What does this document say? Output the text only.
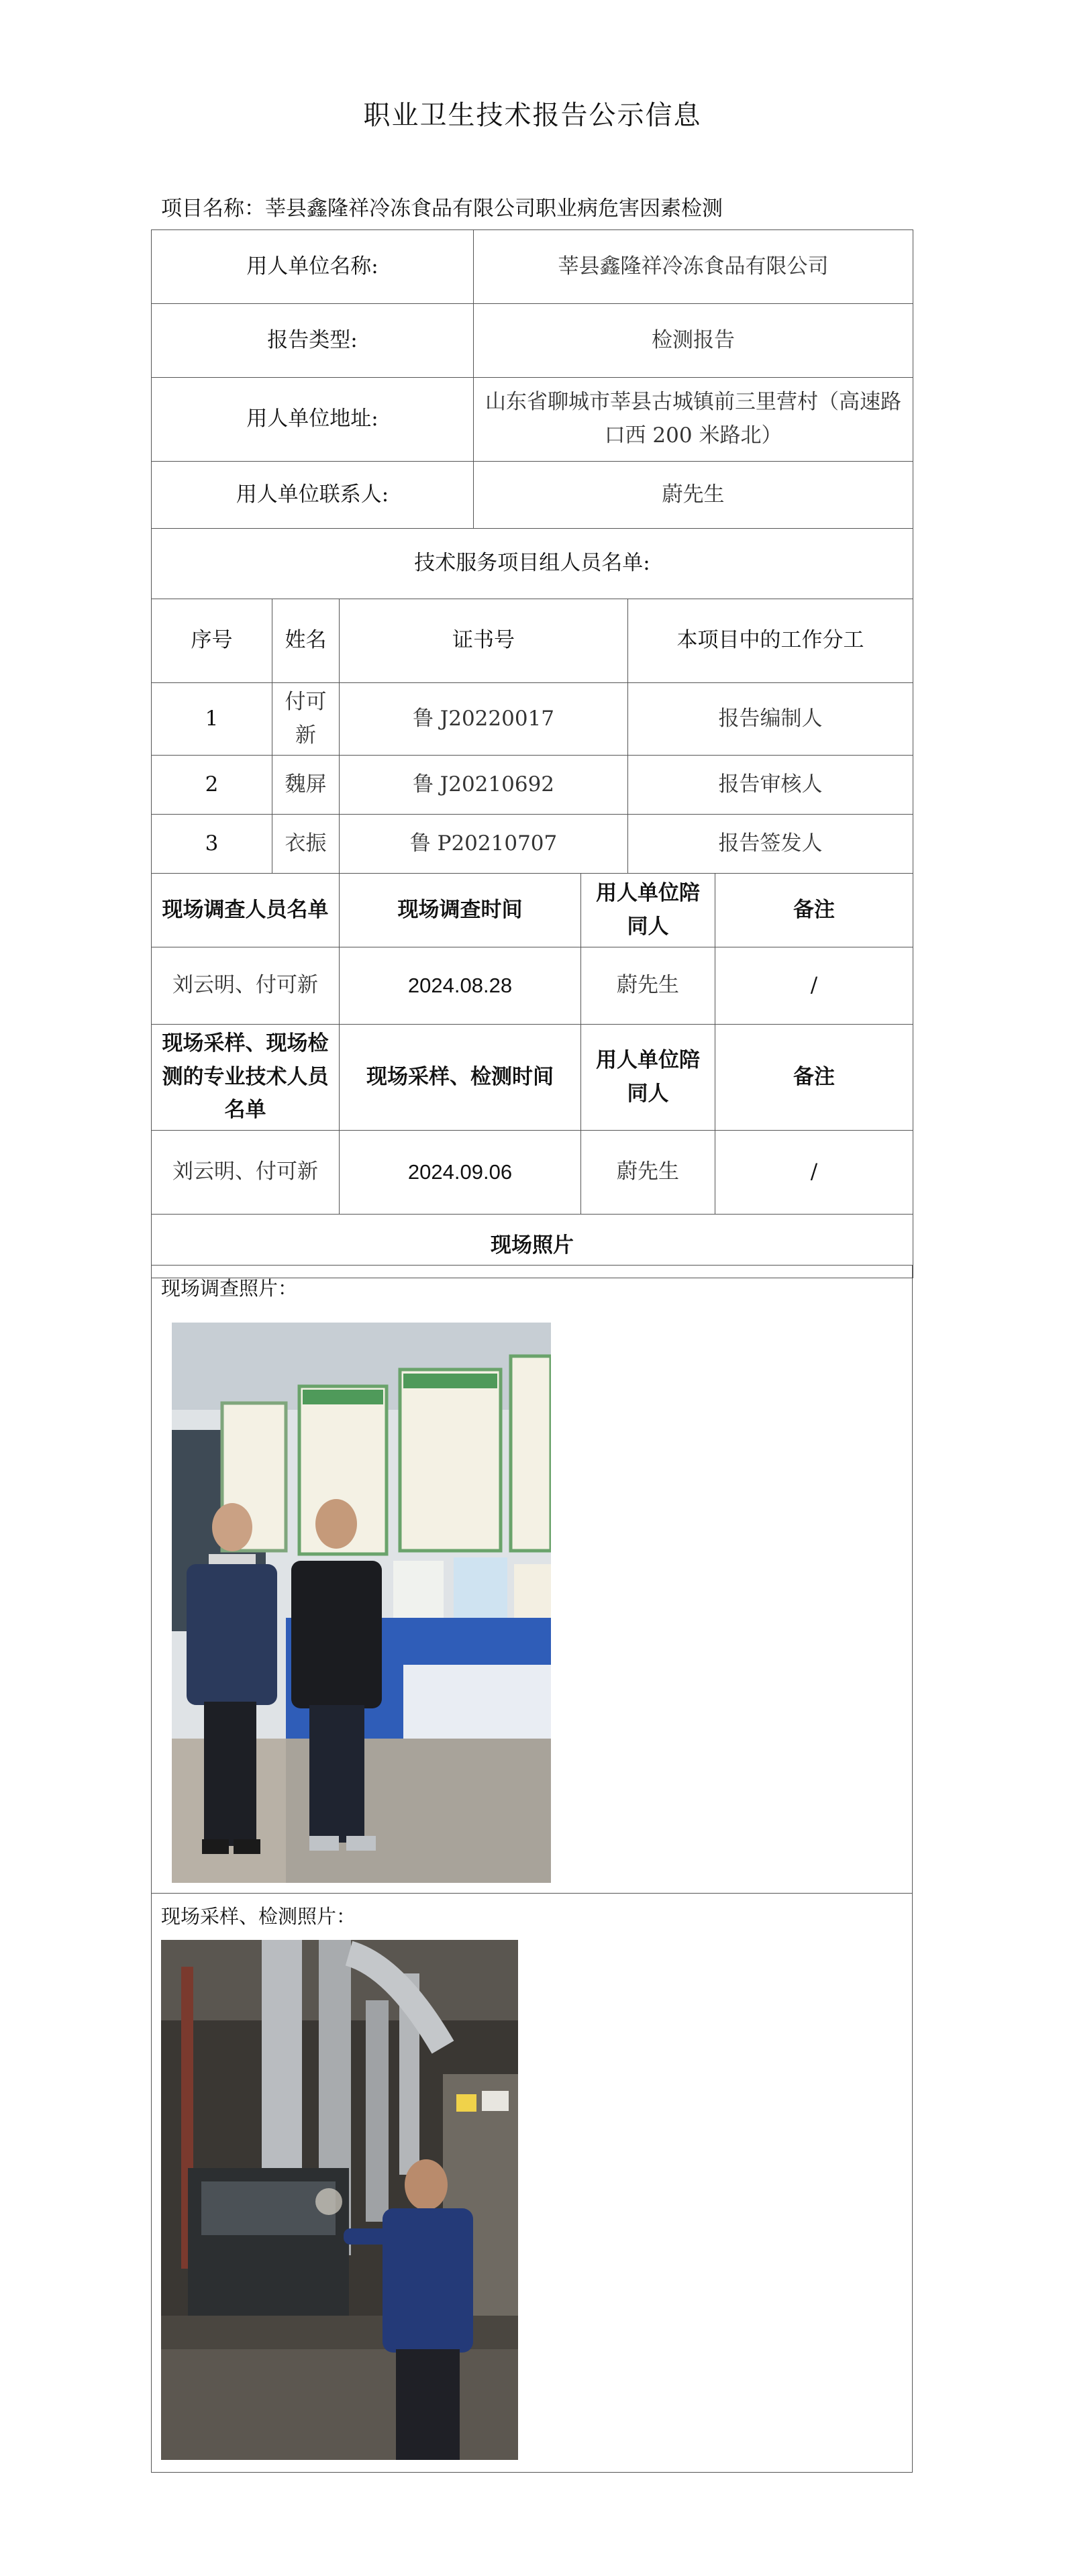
职业卫生技术报告公示信息
项目名称：莘县鑫隆祥冷冻食品有限公司职业病危害因素检测
用人单位名称:			莘县鑫隆祥冷冻食品有限公司			
报告类型:			检测报告			
用人单位地址:			山东省聊城市莘县古城镇前三里营村（高速路口西 200 米路北）			
用人单位联系人:			蔚先生			
技术服务项目组人员名单:						
序号	姓名	证书号			本项目中的工作分工	
1	付可新	鲁 J20220017			报告编制人	
2	魏屏	鲁 J20210692			报告审核人	
3	衣振	鲁 P20210707			报告签发人	
现场调查人员名单		现场调查时间		用人单位陪同人		备注
刘云明、付可新		2024.08.28		蔚先生		/
现场采样、现场检测的专业技术人员名单		现场采样、检测时间		用人单位陪同人		备注
刘云明、付可新		2024.09.06		蔚先生		/
现场照片						
现场调查照片：
现场采样、检测照片：
